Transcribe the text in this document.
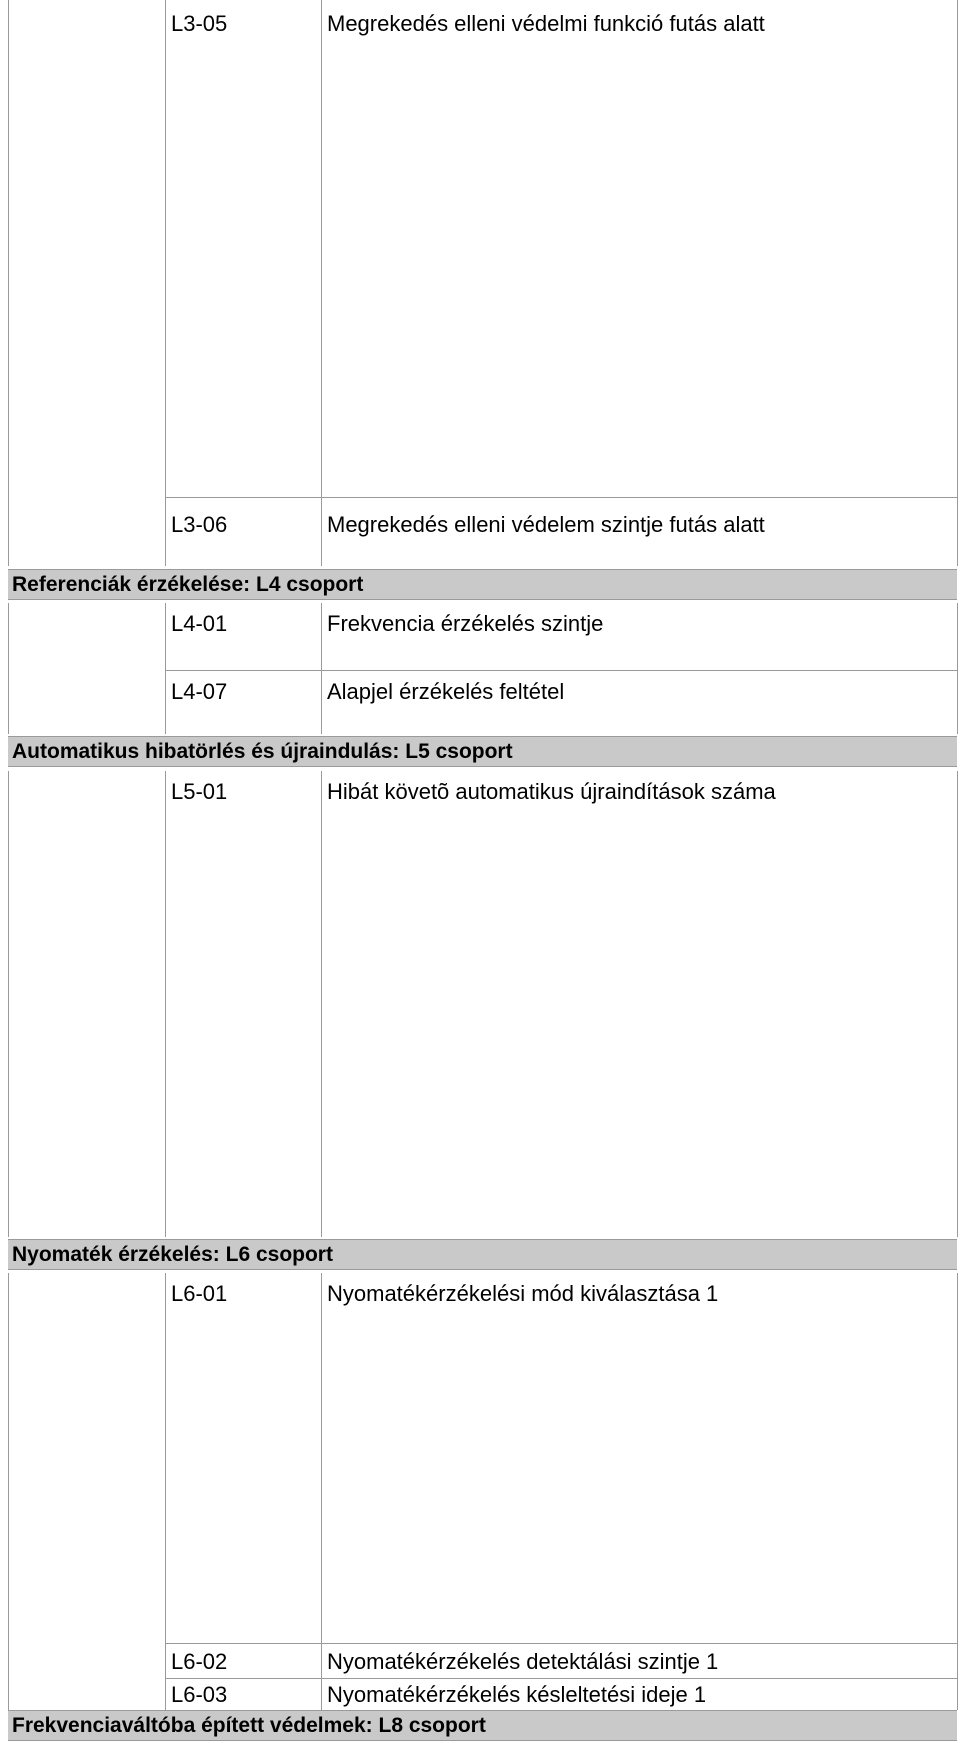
L3-05	Megrekedés elleni védelmi funkció futás alatt
L3-06	Megrekedés elleni védelem szintje futás alatt
Referenciák érzékelése: L4 csoport
L4-01	Frekvencia érzékelés szintje
L4-07	Alapjel érzékelés feltétel
Automatikus hibatörlés és újraindulás: L5 csoport
L5-01	Hibát követõ automatikus újraindítások száma
Nyomaték érzékelés: L6 csoport
L6-01	Nyomatékérzékelési mód kiválasztása 1
L6-02	Nyomatékérzékelés detektálási szintje 1
L6-03	Nyomatékérzékelés késleltetési ideje 1
Frekvenciaváltóba épített védelmek: L8 csoport
